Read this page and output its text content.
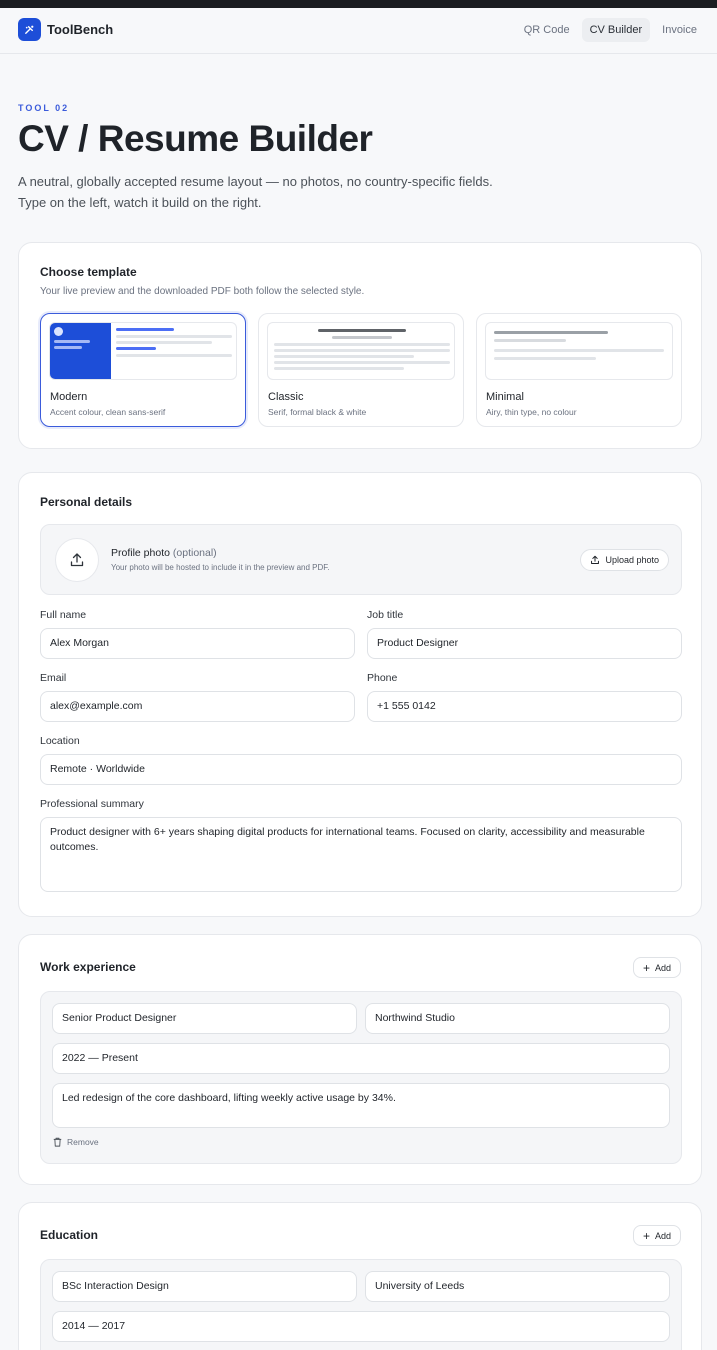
ToolBench	QR Code	CV Builder	Invoice
TOOL 02
CV / Resume Builder

A neutral, globally accepted resume layout — no photos, no country-specific fields. Type on the left, watch it build on the right.

Choose template
Your live preview and the downloaded PDF both follow the selected style.
Modern
Accent colour, clean sans-serif
Classic
Serif, formal black & white
Minimal
Airy, thin type, no colour
Personal details
Profile photo (optional)
Your photo will be hosted to include it in the preview and PDF.
Upload photo
Full name
Alex Morgan
Job title
Product Designer
Email
alex@example.com
Phone
+1 555 0142
Location
Remote · Worldwide
Professional summary
Product designer with 6+ years shaping digital products for international teams. Focused on clarity, accessibility and measurable outcomes.
Work experience	+ Add
Senior Product Designer	Northwind Studio
2022 — Present
Led redesign of the core dashboard, lifting weekly active usage by 34%.
Remove
Education	+ Add
BSc Interaction Design	University of Leeds
2014 — 2017
